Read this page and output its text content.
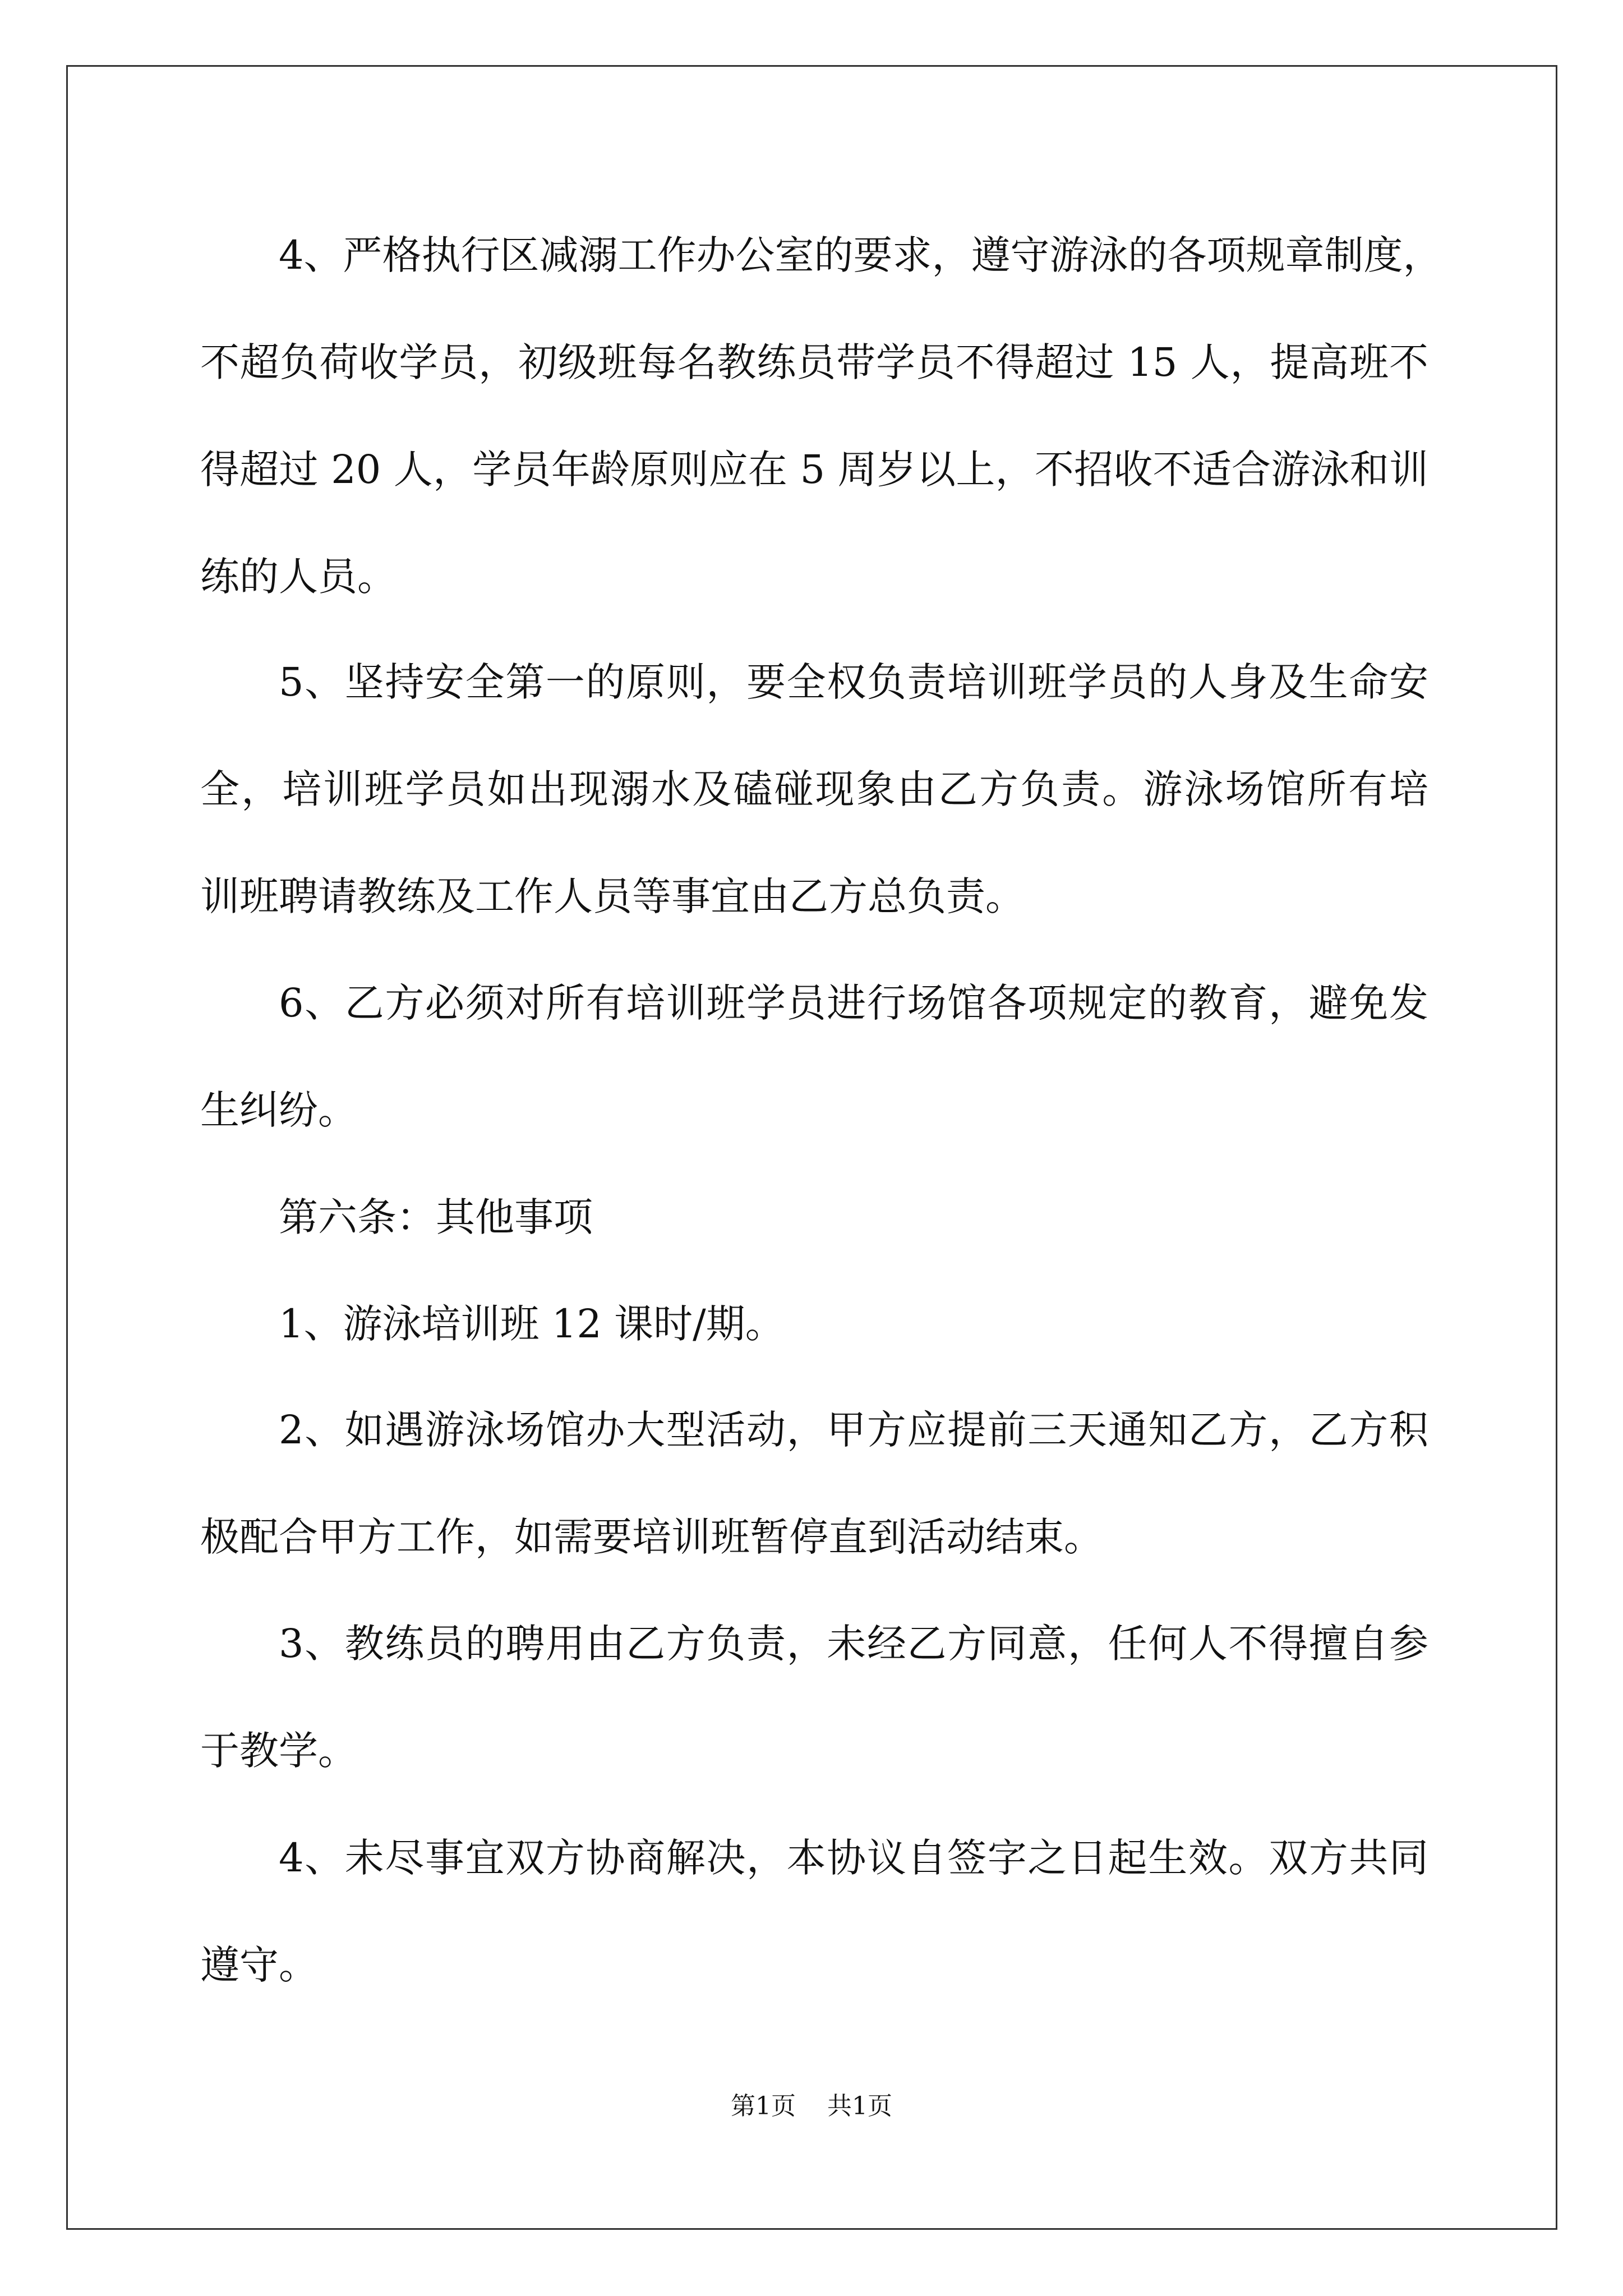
4、严格执行区减溺工作办公室的要求，遵守游泳的各项规章制度，
不超负荷收学员，初级班每名教练员带学员不得超过 15 人，提高班不
得超过 20 人，学员年龄原则应在 5 周岁以上，不招收不适合游泳和训
练的人员。
5、坚持安全第一的原则，要全权负责培训班学员的人身及生命安
全，培训班学员如出现溺水及磕碰现象由乙方负责。游泳场馆所有培
训班聘请教练及工作人员等事宜由乙方总负责。
6、乙方必须对所有培训班学员进行场馆各项规定的教育，避免发
生纠纷。
第六条：其他事项
1、游泳培训班 12 课时/期。
2、如遇游泳场馆办大型活动，甲方应提前三天通知乙方，乙方积
极配合甲方工作，如需要培训班暂停直到活动结束。
3、教练员的聘用由乙方负责，未经乙方同意，任何人不得擅自参
于教学。
4、未尽事宜双方协商解决，本协议自签字之日起生效。双方共同
遵守。
第1页 共1页
